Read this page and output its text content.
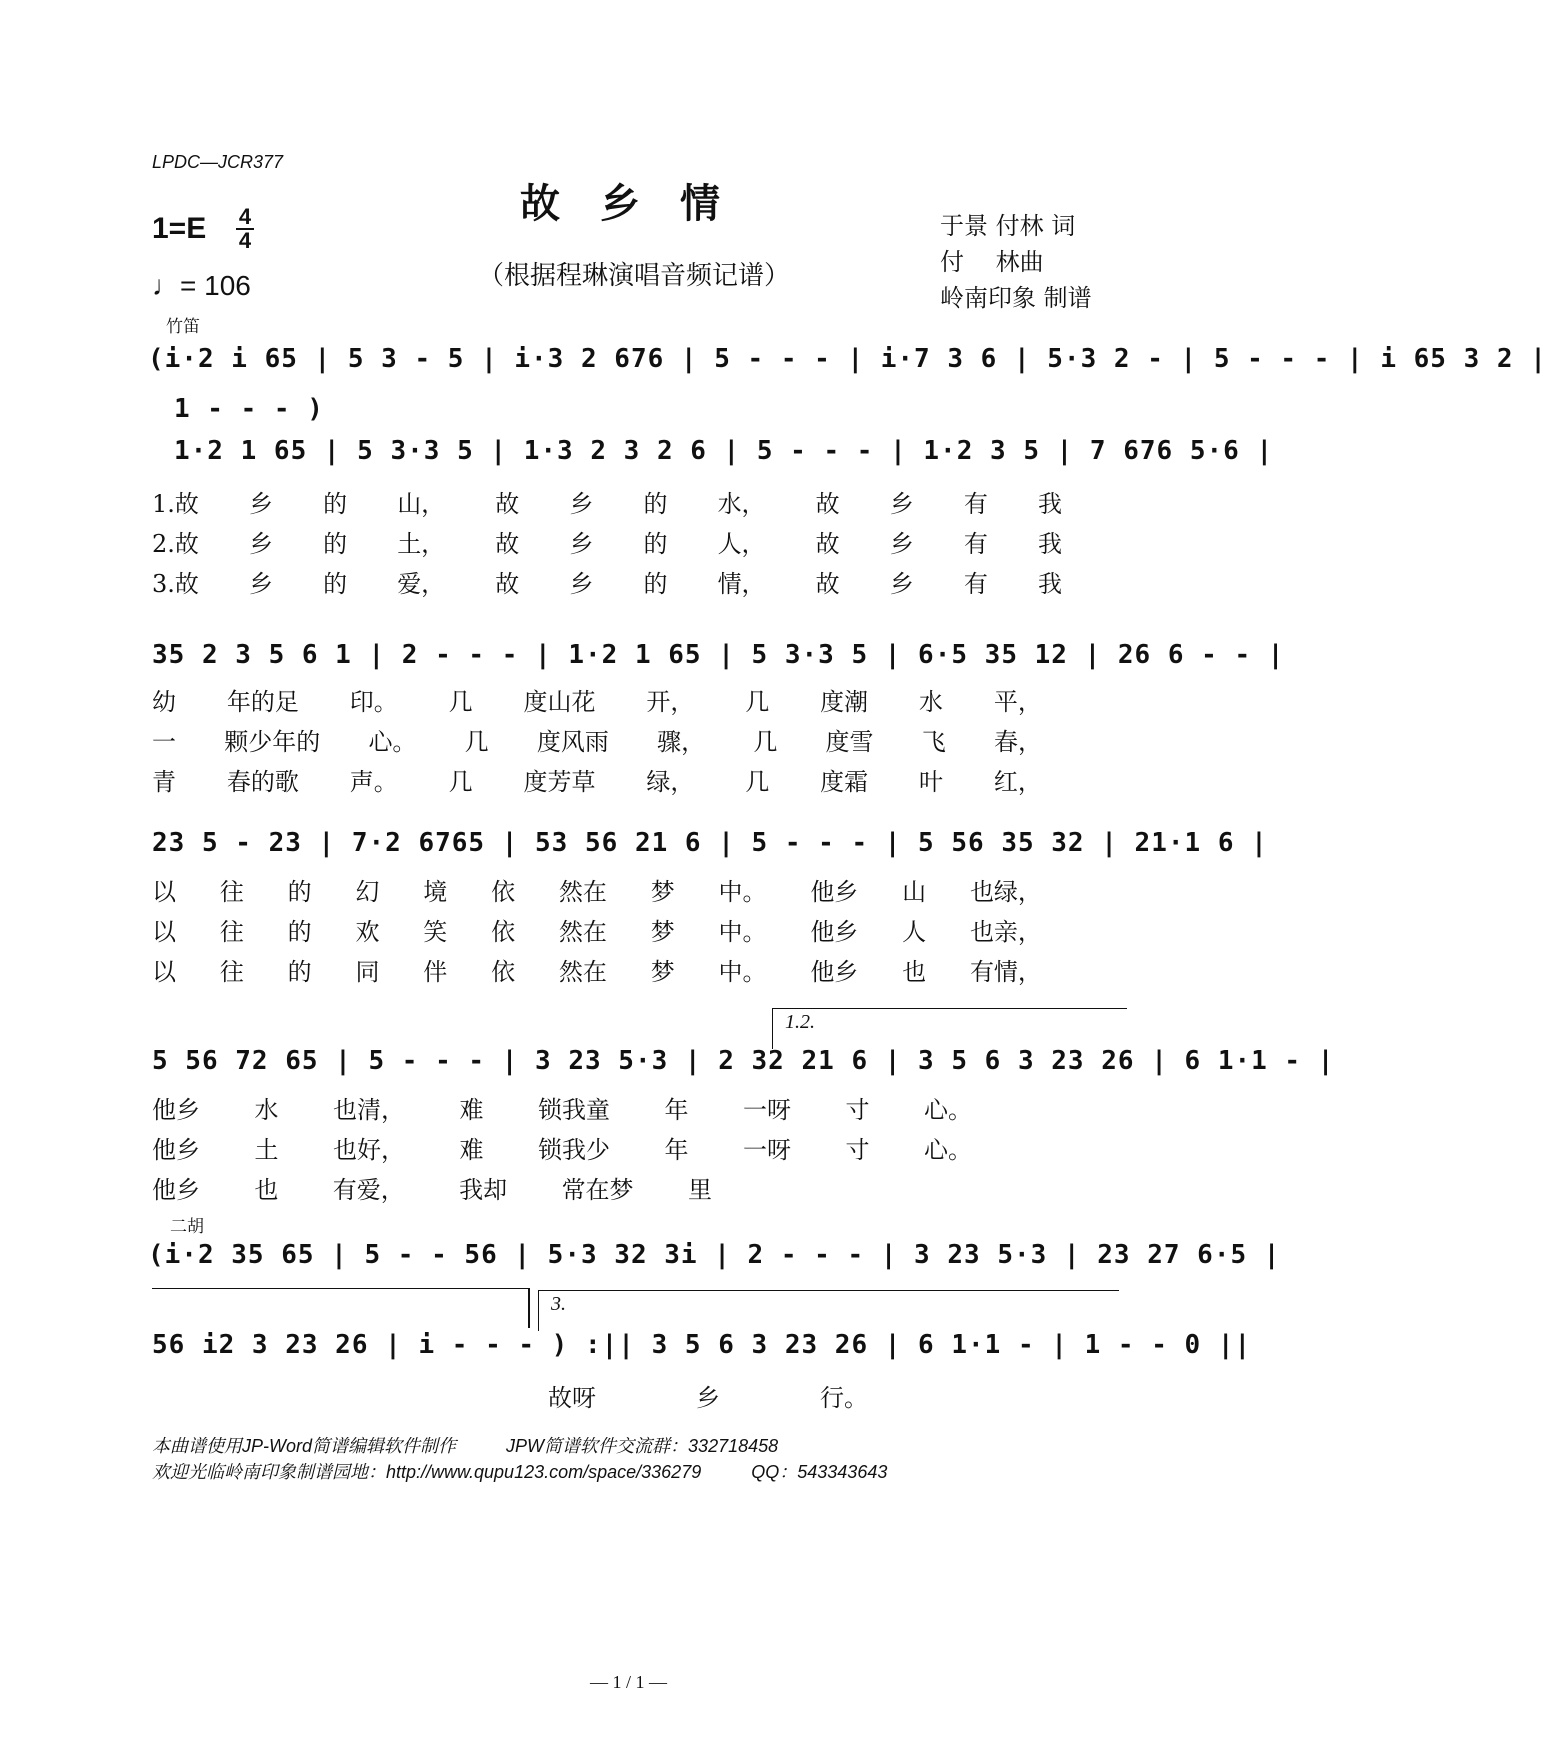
LPDC—JCR377
故乡情
（根据程琳演唱音频记谱）
于景 付林 词
付　 林曲
岭南印象 制谱
1=E 4
4
♩= 106
竹笛
(i·2 i 65 | 5 3 - 5 | i·3 2 676 | 5 - - - | i·7 3 6 | 5·3 2 - | 5 - - - | i 65 3 2 |
1 - - - )
1·2 1 65 | 5 3·3 5 | 1·3 2 3 2 6 | 5 - - - | 1·2 3 5 | 7 676 5·6 |
1.故 乡 的 山， 故 乡 的 水， 故 乡 有 我
2.故 乡 的 土， 故 乡 的 人， 故 乡 有 我
3.故 乡 的 爱， 故 乡 的 情， 故 乡 有 我
35 2 3 5 6 1 | 2 - - - | 1·2 1 65 | 5 3·3 5 | 6·5 35 12 | 26 6 - - |
幼 年的足 印。 几 度山花 开， 几 度潮 水 平，
一 颗少年的 心。 几 度风雨 骤， 几 度雪 飞 春，
青 春的歌 声。 几 度芳草 绿， 几 度霜 叶 红，
23 5 - 23 | 7·2 6765 | 53 56 21 6 | 5 - - - | 5 56 35 32 | 21·1 6 |
以 往 的 幻 境 依 然在 梦 中。 他乡 山 也绿，
以 往 的 欢 笑 依 然在 梦 中。 他乡 人 也亲，
以 往 的 同 伴 依 然在 梦 中。 他乡 也 有情，
1.2.
5 56 72 65 | 5 - - - | 3 23 5·3 | 2 32 21 6 | 3 5 6 3 23 26 | 6 1·1 - |
他乡 水 也清， 难 锁我童 年 一呀 寸 心。
他乡 土 也好， 难 锁我少 年 一呀 寸 心。
他乡 也 有爱， 我却 常在梦 里
二胡
(i·2 35 65 | 5 - - 56 | 5·3 32 3i | 2 - - - | 3 23 5·3 | 23 27 6·5 |
3.
56 i2 3 23 26 | i - - - ) :|| 3 5 6 3 23 26 | 6 1·1 - | 1 - - 0 ||
故呀	乡	行。
本曲谱使用JP-Word简谱编辑软件制作	JPW简谱软件交流群：332718458
欢迎光临岭南印象制谱园地：http://www.qupu123.com/space/336279	QQ：543343643
— 1 / 1 —
